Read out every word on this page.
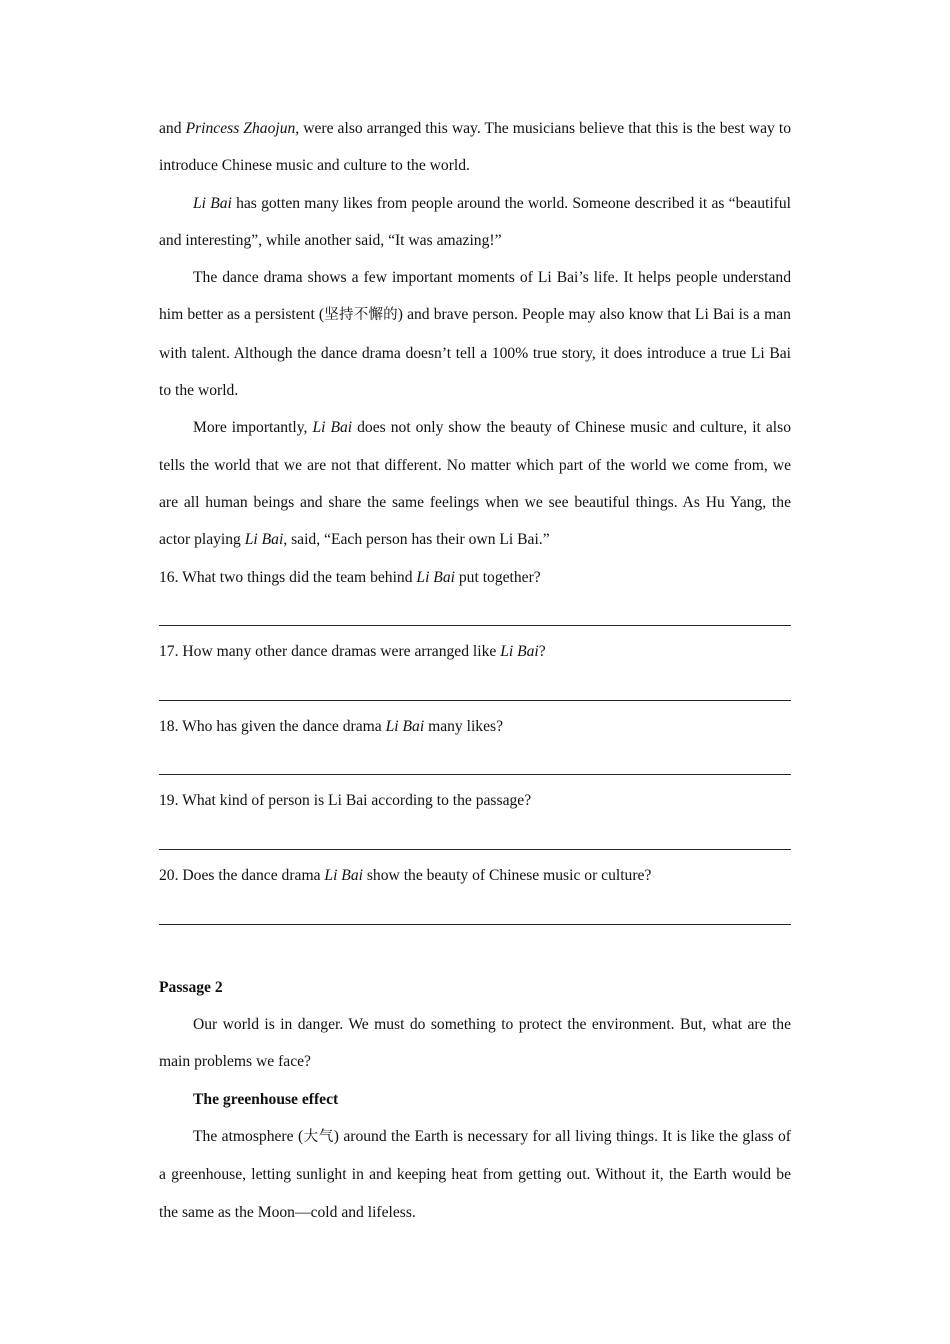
and Princess Zhaojun, were also arranged this way. The musicians believe that this is the best way to introduce Chinese music and culture to the world.

Li Bai has gotten many likes from people around the world. Someone described it as “beautiful and interesting”, while another said, “It was amazing!”

The dance drama shows a few important moments of Li Bai’s life. It helps people understand him better as a persistent (坚持不懈的) and brave person. People may also know that Li Bai is a man with talent. Although the dance drama doesn’t tell a 100% true story, it does introduce a true Li Bai to the world.

More importantly, Li Bai does not only show the beauty of Chinese music and culture, it also tells the world that we are not that different. No matter which part of the world we come from, we are all human beings and share the same feelings when we see beautiful things. As Hu Yang, the actor playing Li Bai, said, “Each person has their own Li Bai.”

16. What two things did the team behind Li Bai put together?

17. How many other dance dramas were arranged like Li Bai?

18. Who has given the dance drama Li Bai many likes?

19. What kind of person is Li Bai according to the passage?

20. Does the dance drama Li Bai show the beauty of Chinese music or culture?

Passage 2

Our world is in danger. We must do something to protect the environment. But, what are the main problems we face?

The greenhouse effect

The atmosphere (大气) around the Earth is necessary for all living things. It is like the glass of a greenhouse, letting sunlight in and keeping heat from getting out. Without it, the Earth would be the same as the Moon—cold and lifeless.
